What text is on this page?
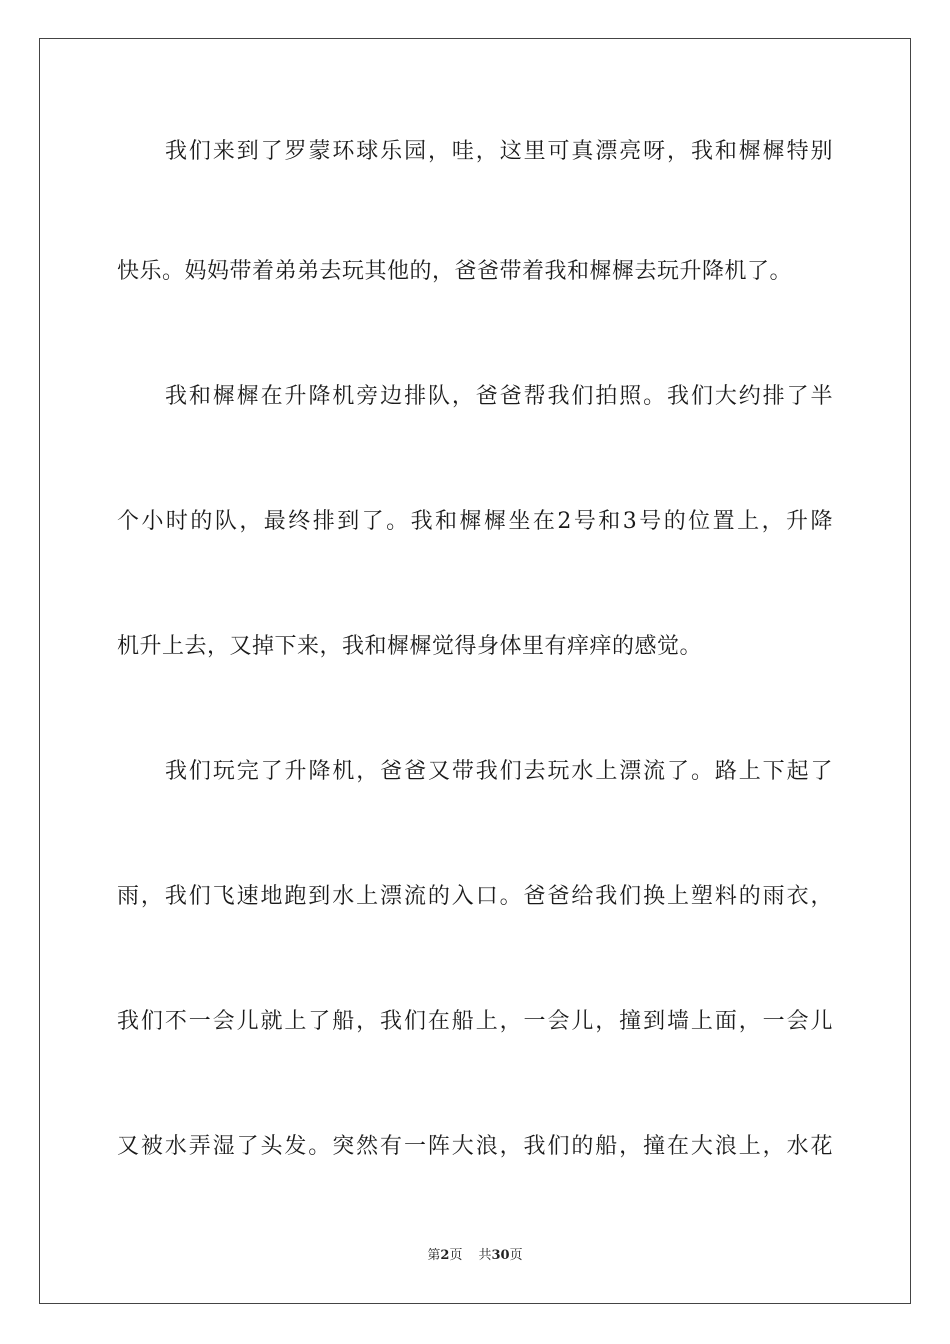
我们来到了罗蒙环球乐园，哇，这里可真漂亮呀，我和樨樨特别
快乐。妈妈带着弟弟去玩其他的，爸爸带着我和樨樨去玩升降机了。
我和樨樨在升降机旁边排队，爸爸帮我们拍照。我们大约排了半
个小时的队，最终排到了。我和樨樨坐在2号和3号的位置上，升降
机升上去，又掉下来，我和樨樨觉得身体里有痒痒的感觉。
我们玩完了升降机，爸爸又带我们去玩水上漂流了。路上下起了
雨，我们飞速地跑到水上漂流的入口。爸爸给我们换上塑料的雨衣，
我们不一会儿就上了船，我们在船上，一会儿，撞到墙上面，一会儿
又被水弄湿了头发。突然有一阵大浪，我们的船，撞在大浪上，水花
第2页 共30页
